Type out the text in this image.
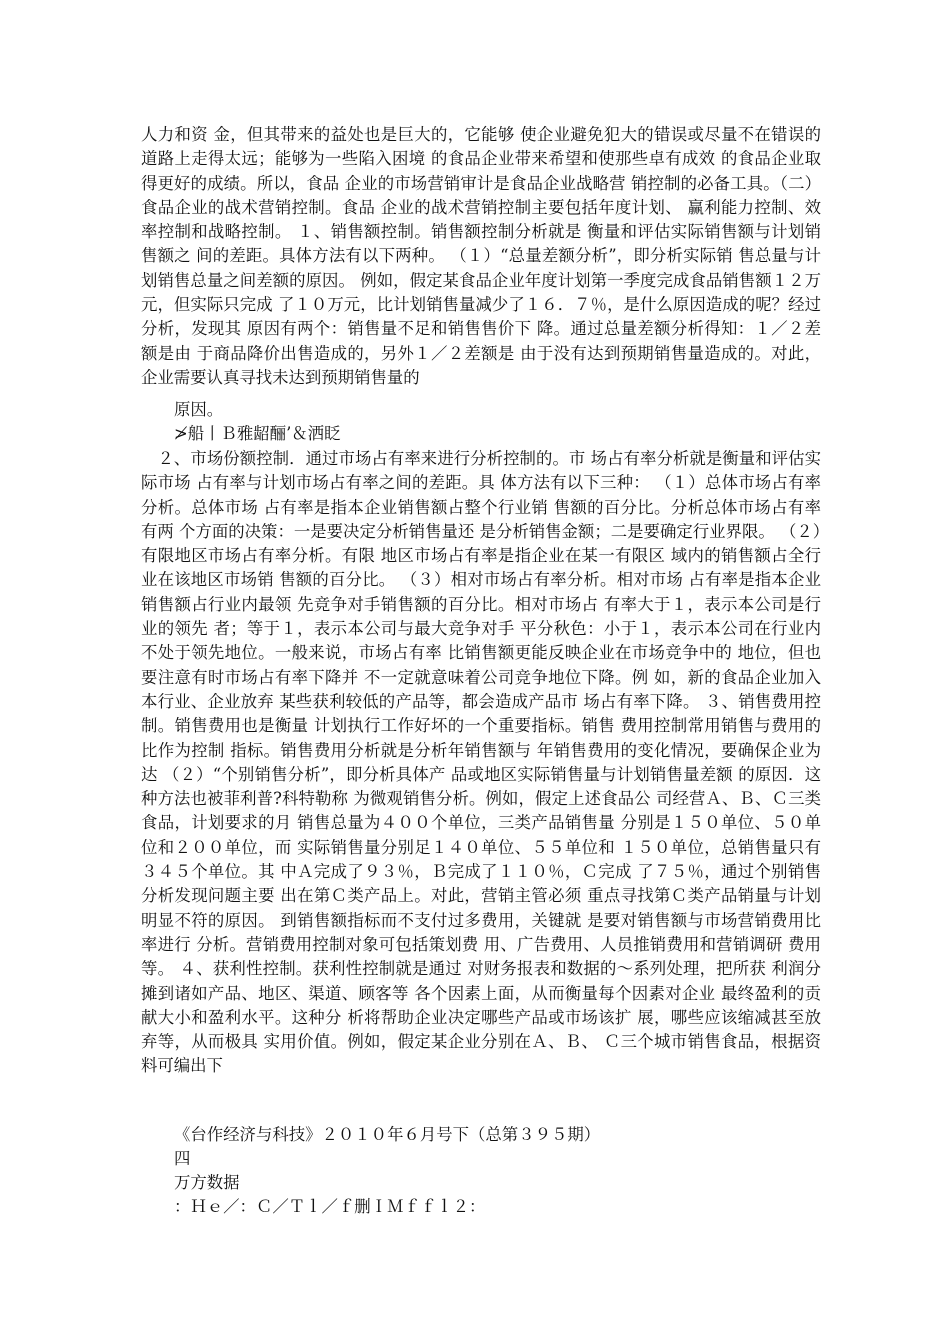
人力和资 金，但其带来的益处也是巨大的，它能够 使企业避免犯大的错误或尽量不在错误的道路上走得太远；能够为一些陷入困境 的食品企业带来希望和使那些卓有成效 的食品企业取得更好的成绩。所以，食品 企业的市场营销审计是食品企业战略营 销控制的必备工具。（二）食品企业的战术营销控制。食品 企业的战术营销控制主要包括年度计划、 赢利能力控制、效率控制和战略控制。 １、销售额控制。销售额控制分析就是 衡量和评估实际销售额与计划销售额之 间的差距。具体方法有以下两种。 （１）“总量差额分析”，即分析实际销 售总量与计划销售总量之间差额的原因。 例如，假定某食品企业年度计划第一季度完成食品销售额１２万元，但实际只完成 了１０万元，比计划销售量减少了１６．７％，是什么原因造成的呢？经过分析，发现其 原因有两个：销售量不足和销售售价下 降。通过总量差额分析得知：１／２差额是由 于商品降价出售造成的，另外１／２差额是 由于没有达到预期销售量造成的。对此， 企业需要认真寻找未达到预期销售量的

原因。

≯船丨Ｂ雅龆酾’＆洒眨

　２、市场份额控制．通过市场占有率来进行分析控制的。市 场占有率分析就是衡量和评估实际市场 占有率与计划市场占有率之间的差距。具 体方法有以下三种： （１）总体市场占有率分析。总体市场 占有率是指本企业销售额占整个行业销 售额的百分比。分析总体市场占有率有两 个方面的决策：一是要决定分析销售量还 是分析销售金额；二是要确定行业界限。 （２）有限地区市场占有率分析。有限 地区市场占有率是指企业在某一有限区 域内的销售额占全行业在该地区市场销 售额的百分比。 （３）相对市场占有率分析。相对市场 占有率是指本企业销售额占行业内最领 先竞争对手销售额的百分比。相对市场占 有率大于１，表示本公司是行业的领先 者；等于１，表示本公司与最大竞争对手 平分秋色：小于１，表示本公司在行业内 不处于领先地位。一般来说，市场占有率 比销售额更能反映企业在市场竞争中的 地位，但也要注意有时市场占有率下降并 不一定就意味着公司竞争地位下降。例 如，新的食品企业加入本行业、企业放弃 某些获利较低的产品等，都会造成产品市 场占有率下降。 ３、销售费用控制。销售费用也是衡量 计划执行工作好坏的一个重要指标。销售 费用控制常用销售与费用的比作为控制 指标。销售费用分析就是分析年销售额与 年销售费用的变化情况，要确保企业为达 （２）“个别销售分析”，即分析具体产 品或地区实际销售量与计划销售量差额 的原因．这种方法也被菲利普?科特勒称 为微观销售分析。例如，假定上述食品公 司经营Ａ、Ｂ、Ｃ三类食品，计划要求的月 销售总量为４００个单位，三类产品销售量 分别是１５０单位、５０单位和２００单位，而 实际销售量分别足１４０单位、５５单位和 １５０单位，总销售量只有３４５个单位。其 中Ａ完成了９３％，Ｂ完成了１１０％，Ｃ完成 了７５％，通过个别销售分析发现问题主要 出在第Ｃ类产品上。对此，营销主管必须 重点寻找第Ｃ类产品销量与计划明显不符的原因。 到销售额指标而不支付过多费用，关键就 是要对销售额与市场营销费用比率进行 分析。营销费用控制对象可包括策划费 用、广告费用、人员推销费用和营销调研 费用等。 ４、获利性控制。获利性控制就是通过 对财务报表和数据的～系列处理，把所获 利润分摊到诸如产品、地区、渠道、顾客等 各个因素上面，从而衡量每个因素对企业 最终盈利的贡献大小和盈利水平。这种分 析将帮助企业决定哪些产品或市场该扩 展，哪些应该缩减甚至放弃等，从而极具 实用价值。例如，假定某企业分别在Ａ、Ｂ、 Ｃ三个城市销售食品，根据资料可编出下

《台作经济与科技》２０１０年６月号下（总第３９５期）

四

万方数据

：Ｈｅ／：Ｃ／Ｔｌ／ｆ删ＩＭｆｆｌ２：
